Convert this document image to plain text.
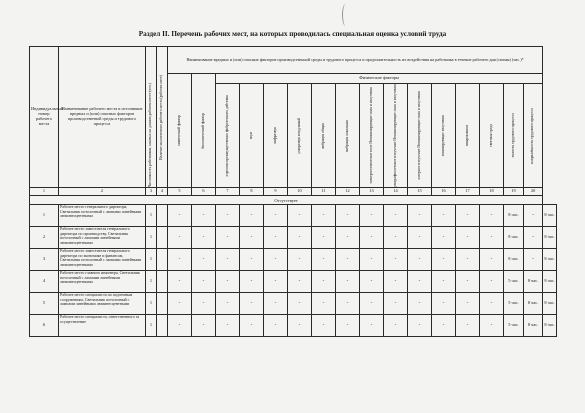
Раздел II. Перечень рабочих мест, на которых проводилась специальная оценка условий труда
Индивидуальный номер рабочего места	Наименование рабочего места и источников вредных и (или) опасных факторов производственной среды и трудового процесса	Численность работников, занятых на данном рабочем месте (чел.)	Наличие аналогичного рабочего места (рабочих мест)	Наименование вредных и (или) опасных факторов производственной среды и трудового процесса и продолжительность их воздействия на работника в течение рабочего дня (смены) (час.)*																

				химический фактор	биологический фактор	Физические факторы														

						аэрозоли преимущественно фиброгенного действия	шум	инфразвук	ультразвук воздушный	вибрация общая	вибрация локальная	электростатическое поле Неионизирующие поля и излучения	ультрафиолетовое излучение Неионизирующие поля и излучения	лазерное излучение Неионизирующие поля и излучения	ионизирующие излучения	микроклимат	световая среда	тяжесть трудового процесса	напряжённость трудового процесса	

1	2	3	4	5	6	7	8	9	10	11	12	13	14	15	16	17	18	19	20	
Отсутствует																				
1	Рабочее место генерального директора, Светильник потолочный с лампами линейными люминесцентными	1		-	-	-	-	-	-	-	-	-	-	-	-	-	-	8 час.	-	8 час.
2	Рабочее место заместителя генерального директора по производству, Светильник потолочный с лампами линейными люминесцентными	1		-	-	-	-	-	-	-	-	-	-	-	-	-	-	8 час.	-	8 час.
3	Рабочее место заместителя генерального директора по экономике и финансам, Светильник потолочный с лампами линейными люминесцентными	1		-	-	-	-	-	-	-	-	-	-	-	-	-	-	8 час.	-	8 час.
4	Рабочее место главного инженера, Светильник потолочный с лампами линейными люминесцентными	1		-	-	-	-	-	-	-	-	-	-	-	-	-	-	5 час.	8 час.	8 час.
5	Рабочее место специалиста по подземным сооружениям, Светильник потолочный с лампами линейными люминесцентными	1		-	-	-	-	-	-	-	-	-	-	-	-	-	-	5 час.	8 час.	8 час.
6	Рабочее место специалиста, ответственного за осуществление	1		-	-	-	-	-	-	-	-	-	-	-	-	-	-	5 час.	8 час.	8 час.
